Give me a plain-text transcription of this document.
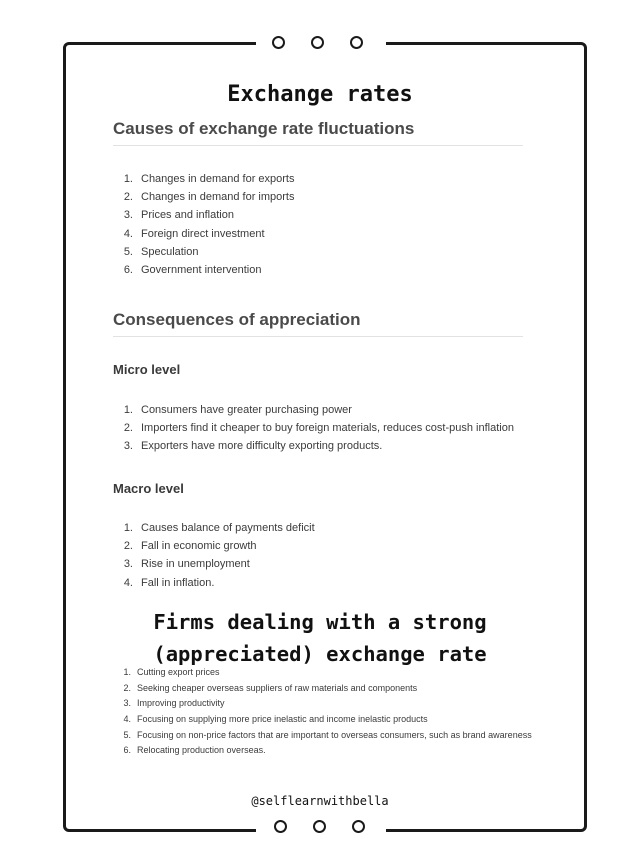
Exchange rates
Causes of exchange rate fluctuations
1. Changes in demand for exports
2. Changes in demand for imports
3. Prices and inflation
4. Foreign direct investment
5. Speculation
6. Government intervention
Consequences of appreciation
Micro level
1. Consumers have greater purchasing power
2. Importers find it cheaper to buy foreign materials, reduces cost-push inflation
3. Exporters have more difficulty exporting products.
Macro level
1. Causes balance of payments deficit
2. Fall in economic growth
3. Rise in unemployment
4. Fall in inflation.
Firms dealing with a strong
(appreciated) exchange rate
1. Cutting export prices
2. Seeking cheaper overseas suppliers of raw materials and components
3. Improving productivity
4. Focusing on supplying more price inelastic and income inelastic products
5. Focusing on non-price factors that are important to overseas consumers, such as brand awareness
6. Relocating production overseas.
@selflearnwithbella
